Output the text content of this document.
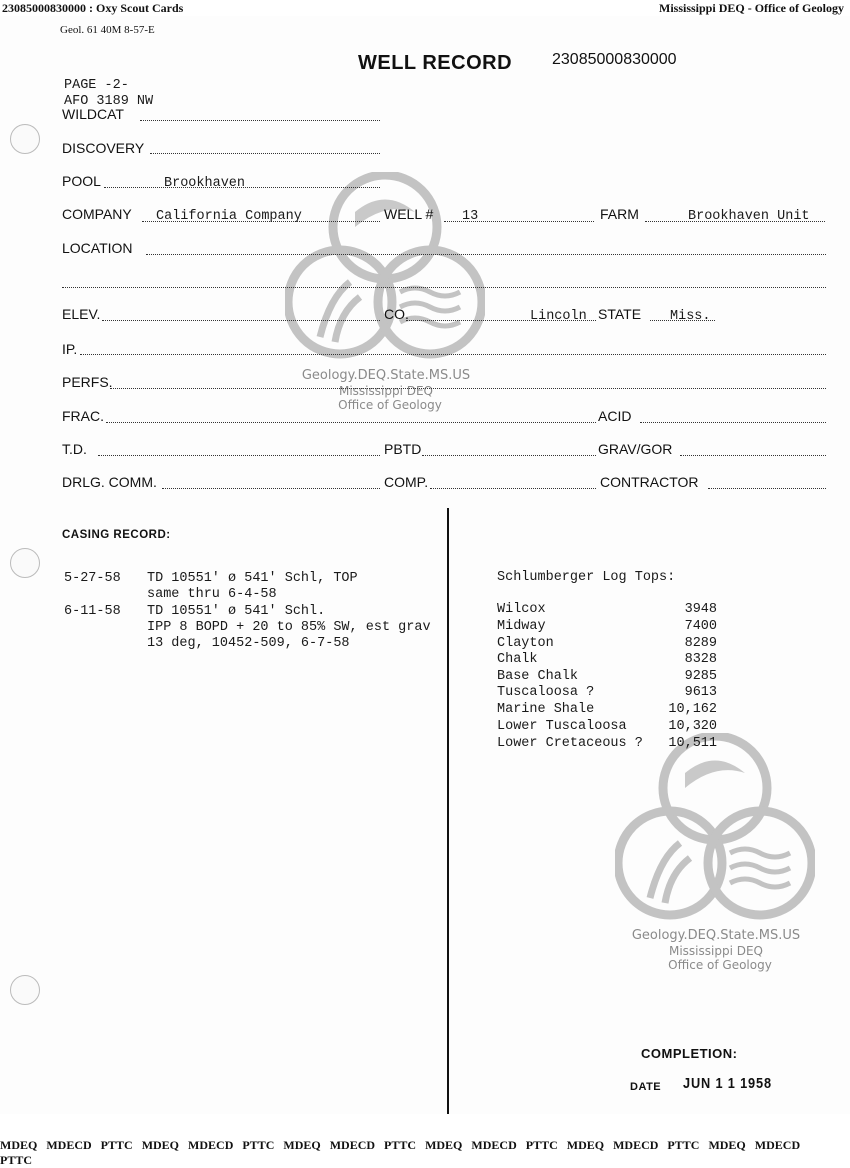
23085000830000 : Oxy Scout Cards	Mississippi DEQ - Office of Geology
Geology.DEQ.State.MS.US
Mississippi DEQ
Office of Geology
Geology.DEQ.State.MS.US
Mississippi DEQ
Office of Geology
Geol. 61 40M 8-57-E
WELL RECORD 23085000830000
PAGE -2-
AFO 3189 NW
WILDCAT
DISCOVERY
POOL	Brookhaven
COMPANY California Company	WELL # 13	FARM	Brookhaven Unit
LOCATION
ELEV.	CO.	Lincoln STATE Miss.
IP.
PERFS.
FRAC.	ACID
T.D.	PBTD	GRAV/GOR
DRLG. COMM.	COMP.	CONTRACTOR
CASING RECORD:
5-27-58 TD 10551' ø 541' Schl, TOP
same thru 6-4-58
6-11-58 TD 10551' ø 541' Schl.
IPP 8 BOPD + 20 to 85% SW, est grav
13 deg, 10452-509, 6-7-58
Schlumberger Log Tops:
Wilcox	3948
Midway	7400
Clayton	8289
Chalk	8328
Base Chalk	9285
Tuscaloosa ?	9613
Marine Shale	10,162
Lower Tuscaloosa	10,320
Lower Cretaceous ? 10,511
COMPLETION:
DATE JUN 1 1 1958
MDEQ MDECD PTTC MDEQ MDECD PTTC MDEQ MDECD PTTC MDEQ MDECD PTTC MDEQ MDECD PTTC MDEQ MDECDPTTC
